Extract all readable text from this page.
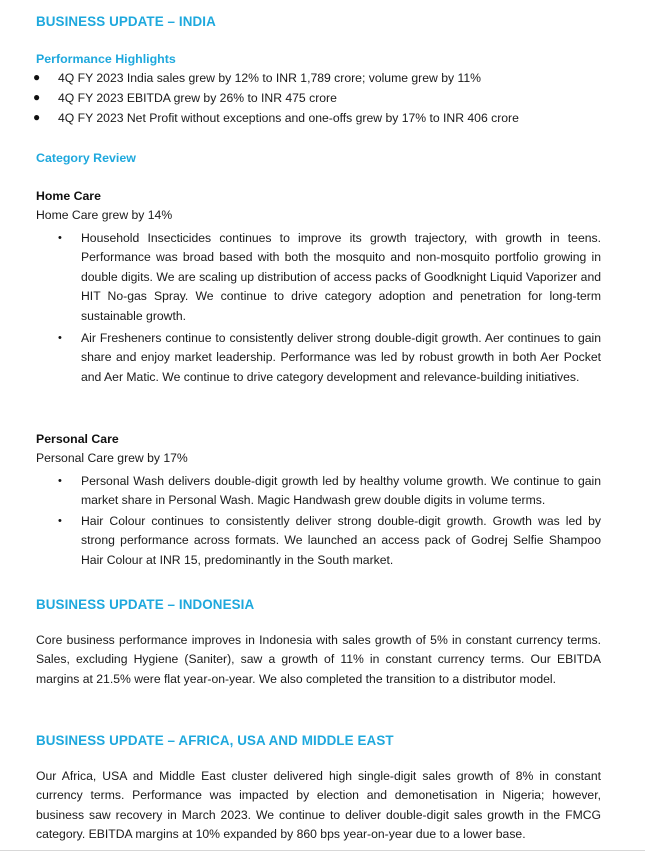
BUSINESS UPDATE – INDIA
Performance Highlights
● 4Q FY 2023 India sales grew by 12% to INR 1,789 crore; volume grew by 11%
● 4Q FY 2023 EBITDA grew by 26% to INR 475 crore
● 4Q FY 2023 Net Profit without exceptions and one-offs grew by 17% to INR 406 crore
Category Review
Home Care
Home Care grew by 14%
• Household Insecticides continues to improve its growth trajectory, with growth in teens. Performance was broad based with both the mosquito and non-mosquito portfolio growing in double digits. We are scaling up distribution of access packs of Goodknight Liquid Vaporizer and HIT No-gas Spray. We continue to drive category adoption and penetration for long-term sustainable growth.
• Air Fresheners continue to consistently deliver strong double-digit growth. Aer continues to gain share and enjoy market leadership. Performance was led by robust growth in both Aer Pocket and Aer Matic. We continue to drive category development and relevance-building initiatives.
Personal Care
Personal Care grew by 17%
• Personal Wash delivers double-digit growth led by healthy volume growth. We continue to gain market share in Personal Wash. Magic Handwash grew double digits in volume terms.
• Hair Colour continues to consistently deliver strong double-digit growth. Growth was led by strong performance across formats. We launched an access pack of Godrej Selfie Shampoo Hair Colour at INR 15, predominantly in the South market.
BUSINESS UPDATE – INDONESIA
Core business performance improves in Indonesia with sales growth of 5% in constant currency terms. Sales, excluding Hygiene (Saniter), saw a growth of 11% in constant currency terms. Our EBITDA margins at 21.5% were flat year-on-year. We also completed the transition to a distributor model.
BUSINESS UPDATE – AFRICA, USA AND MIDDLE EAST
Our Africa, USA and Middle East cluster delivered high single-digit sales growth of 8% in constant currency terms. Performance was impacted by election and demonetisation in Nigeria; however, business saw recovery in March 2023. We continue to deliver double-digit sales growth in the FMCG category. EBITDA margins at 10% expanded by 860 bps year-on-year due to a lower base.
